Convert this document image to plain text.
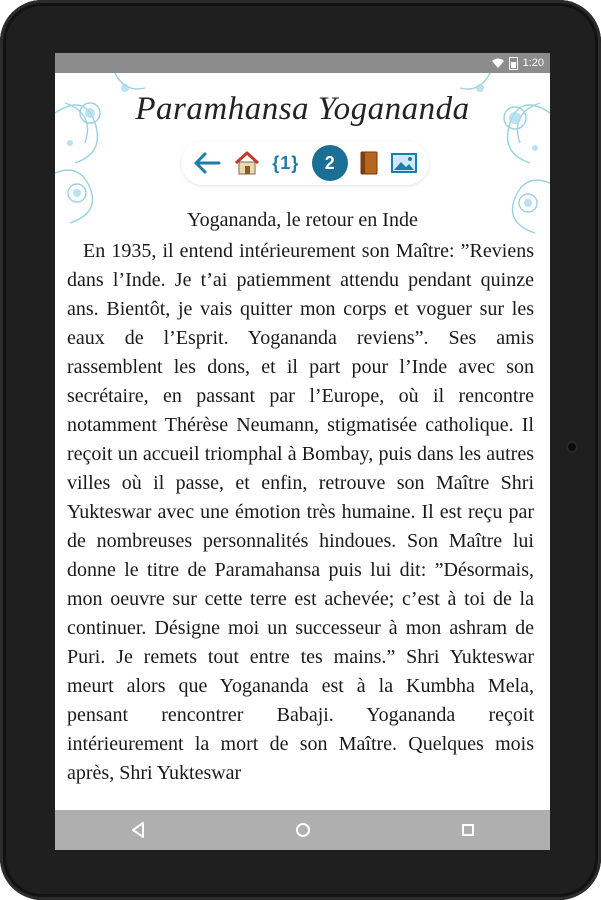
1:20
Paramhansa Yogananda
{1}	2
Yogananda, le retour en Inde

En 1935, il entend intérieurement son Maître: ”Reviens dans l’Inde. Je t’ai patiemment attendu pendant quinze ans. Bientôt, je vais quitter mon corps et voguer sur les eaux de l’Esprit. Yogananda reviens”. Ses amis rassemblent les dons, et il part pour l’Inde avec son secrétaire, en passant par l’Europe, où il rencontre notamment Thérèse Neumann, stigmatisée catholique. Il reçoit un accueil triomphal à Bombay, puis dans les autres villes où il passe, et enfin, retrouve son Maître Shri Yukteswar avec une émotion très humaine. Il est reçu par de nombreuses personnalités hindoues. Son Maître lui donne le titre de Paramahansa puis lui dit: ”Désormais, mon oeuvre sur cette terre est achevée; c’est à toi de la continuer. Désigne moi un successeur à mon ashram de Puri. Je remets tout entre tes mains.” Shri Yukteswar meurt alors que Yogananda est à la Kumbha Mela, pensant rencontrer Babaji. Yogananda reçoit intérieurement la mort de son Maître. Quelques mois après, Shri Yukteswar
